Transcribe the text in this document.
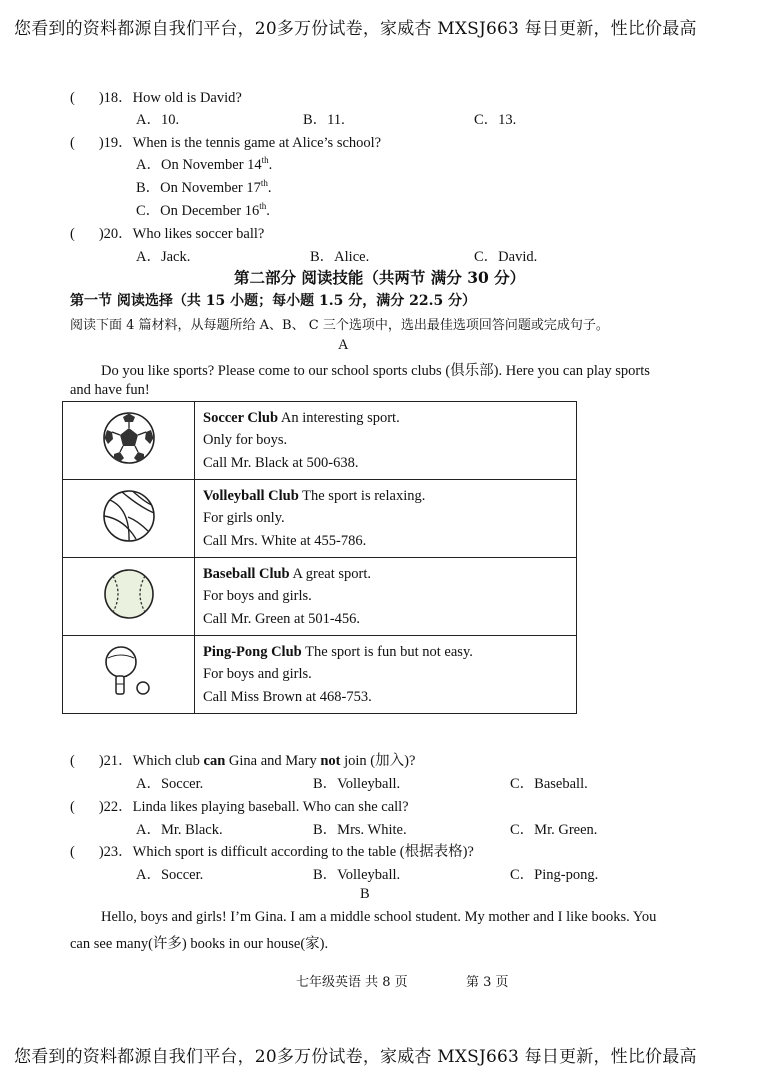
您看到的资料都源自我们平台，20多万份试卷，家威杏 MXSJ663 每日更新，性比价最高
( )18．How old is David?
A．10.	B．11.	C．13.
( )19．When is the tennis game at Alice’s school?
A．On November 14th.
B．On November 17th.
C．On December 16th.
( )20．Who likes soccer ball?
A．Jack.	B．Alice.	C．David.
第二部分 阅读技能（共两节 满分 30 分）
第一节 阅读选择（共 15 小题；每小题 1.5 分，满分 22.5 分）
阅读下面 4 篇材料，从每题所给 A、B、 C 三个选项中，选出最佳选项回答问题或完成句子。
A
Do you like sports? Please come to our school sports clubs (俱乐部). Here you can play sports
and have fun!

Soccer Club An interesting sport.
Only for boys.
Call Mr. Black at 500-638.

Volleyball Club The sport is relaxing.
For girls only.
Call Mrs. White at 455-786.

Baseball Club A great sport.
For boys and girls.
Call Mr. Green at 501-456.

Ping-Pong Club The sport is fun but not easy.
For boys and girls.
Call Miss Brown at 468-753.
( )21．Which club can Gina and Mary not join (加入)?
A．Soccer.	B．Volleyball.	C．Baseball.
( )22．Linda likes playing baseball. Who can she call?
A．Mr. Black.	B．Mrs. White.	C．Mr. Green.
( )23．Which sport is difficult according to the table (根据表格)?
A．Soccer.	B．Volleyball.	C．Ping-pong.
B
Hello, boys and girls! I’m Gina. I am a middle school student. My mother and I like books. You
can see many(许多) books in our house(家).
七年级英语 共 8 页	第 3 页
您看到的资料都源自我们平台，20多万份试卷，家威杏 MXSJ663 每日更新，性比价最高
